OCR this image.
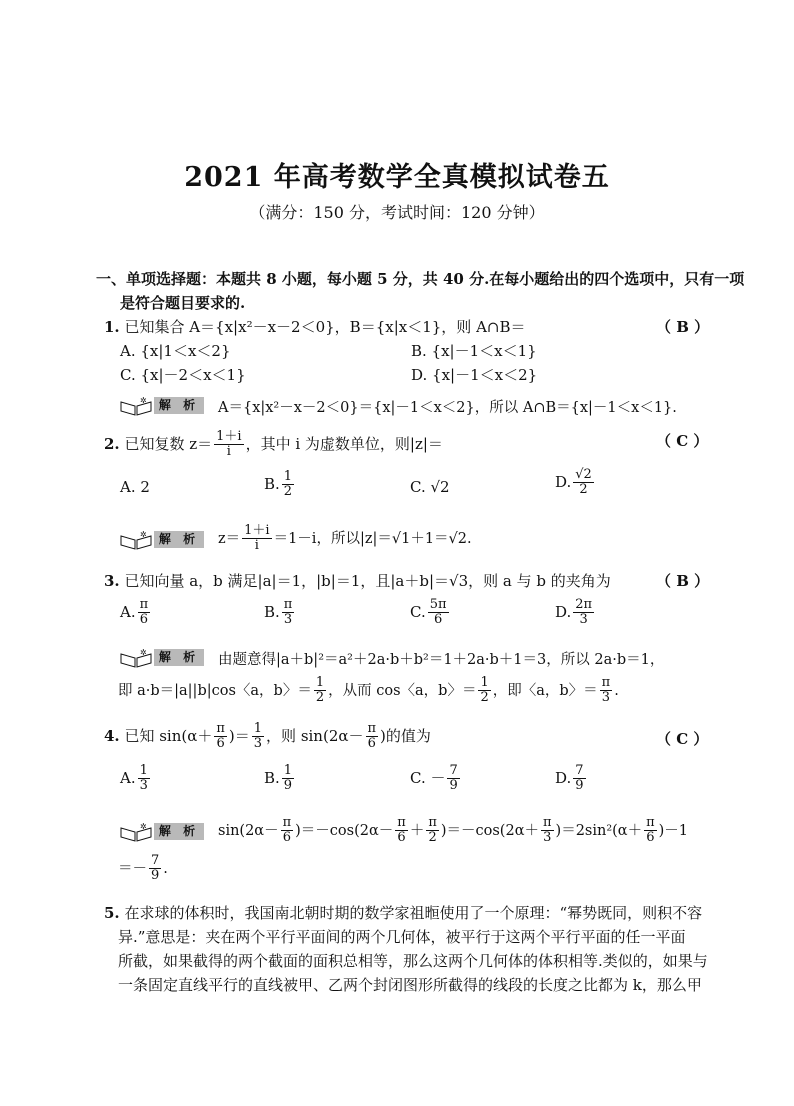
2021 年高考数学全真模拟试卷五
（满分：150 分，考试时间：120 分钟）
一、单项选择题：本题共 8 小题，每小题 5 分，共 40 分.在每小题给出的四个选项中，只有一项
是符合题目要求的.
1. 已知集合 A＝{x|x²－x－2＜0}，B＝{x|x＜1}，则 A∩B＝	（ B ）
A. {x|1＜x＜2}	B. {x|－1＜x＜1}
C. {x|－2＜x＜1}	D. {x|－1＜x＜2}
✲	解 析	A＝{x|x²－x－2＜0}＝{x|－1＜x＜2}，所以 A∩B＝{x|－1＜x＜1}.
2. 已知复数 $z= \frac{1+i}{i}$ ，其中 i 为虚数单位，则|z|＝	（ C ）
A. 2	B. $\frac{1}{2}$	C. √2	D. $\frac{√2}{2}$
✲	解 析	$z= \frac{1+i}{i} =1-i$，所以|z|＝√1＋1＝√2.
3. 已知向量 a，b 满足|a|＝1，|b|＝1，且|a＋b|＝√3，则 a 与 b 的夹角为	（ B ）
A. $\frac{\pi}{6}$	B. $\frac{\pi}{3}$	C. $\frac{5\pi}{6}$	D. $\frac{2\pi}{3}$
✲	解 析	由题意得|a＋b|²＝a²＋2a·b＋b²＝1＋2a·b＋1＝3，所以 2a·b＝1，
即 a·b＝|a||b|cos〈a，b〉＝ $\frac{1}{2}$ ，从而 cos〈a，b〉＝ $\frac{1}{2}$ ，即〈a，b〉＝ $\frac{\pi}{3}$ .
4. 已知 $\sin(\alpha+ \frac{\pi}{6}$ )＝ $\frac{1}{3}$ ，则 $\sin(2\alpha- \frac{\pi}{6}$ )的值为	（ C ）
A. $\frac{1}{3}$	B. $\frac{1}{9}$	C. － $\frac{7}{9}$	D. $\frac{7}{9}$
✲	解 析	$\sin(2\alpha- \frac{\pi}{6} )=-\cos(2\alpha- \frac{\pi}{6} + \frac{\pi}{2} )=-\cos(2\alpha+ \frac{\pi}{3} )=2\sin^2(\alpha+ \frac{\pi}{6} )-1$
＝－ $\frac{7}{9}$ .
5. 在求球的体积时，我国南北朝时期的数学家祖暅使用了一个原理：“幂势既同，则积不容
异.”意思是：夹在两个平行平面间的两个几何体，被平行于这两个平行平面的任一平面
所截，如果截得的两个截面的面积总相等，那么这两个几何体的体积相等.类似的，如果与
一条固定直线平行的直线被甲、乙两个封闭图形所截得的线段的长度之比都为 k，那么甲
